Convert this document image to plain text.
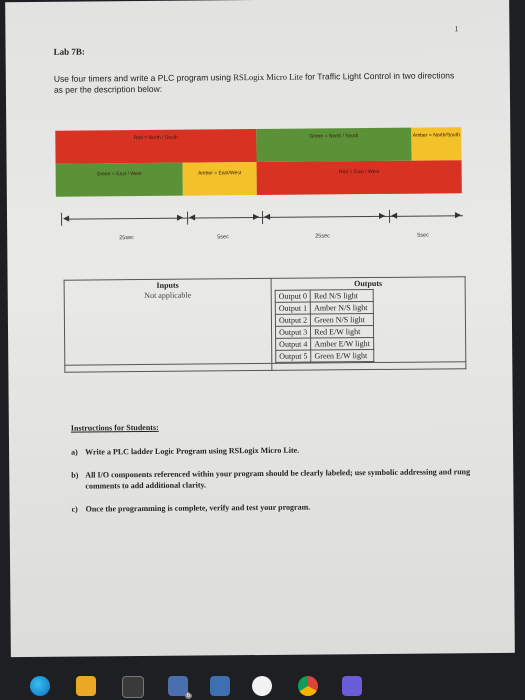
1
Lab 7B:
Use four timers and write a PLC program using RSLogix Micro Lite for Traffic Light Control in two directions as per the description below:
Red = North / South	Green = North / South	Amber = North/South
Green = East / West	Amber = East/West	Red = East / West
◀	▶ ◀	▶ ◀	▶ ◀	▶
25sec	5sec	25sec	5sec
Inputs	Outputs
Not applicable		Output 0	Red N/S light
Output 1	Amber N/S light
Output 2	Green N/S light
Output 3	Red E/W light
Output 4	Amber E/W light
Output 5	Green E/W light

Instructions for Students:
a) Write a PLC ladder Logic Program using RSLogix Micro Lite.
b) All I/O components referenced within your program should be clearly labeled; use symbolic addressing and rung comments to add additional clarity.
c) Once the programming is complete, verify and test your program.
6
